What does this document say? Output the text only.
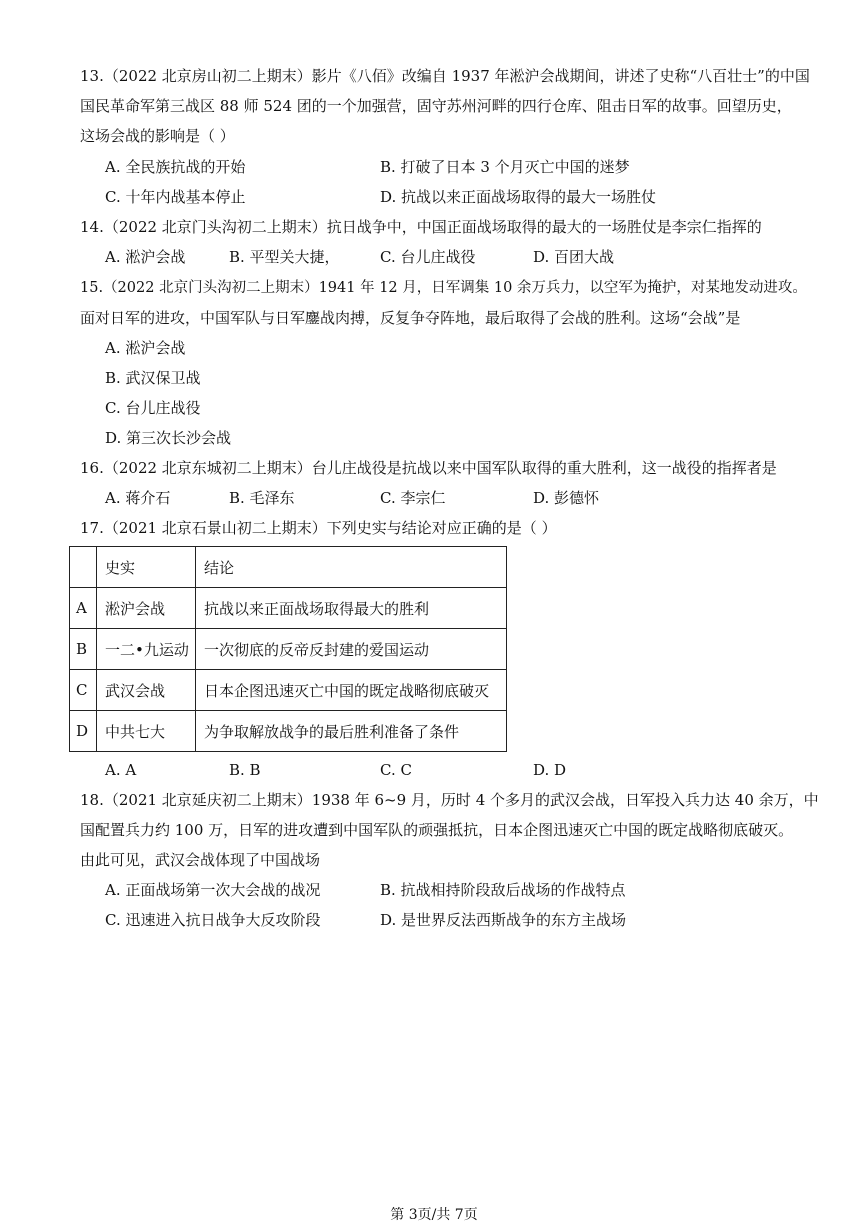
13.（2022 北京房山初二上期末）影片《八佰》改编自 1937 年淞沪会战期间，讲述了史称“八百壮士”的中国
国民革命军第三战区 88 师 524 团的一个加强营，固守苏州河畔的四行仓库、阻击日军的故事。回望历史，
这场会战的影响是（ ）
A. 全民族抗战的开始	B. 打破了日本 3 个月灭亡中国的迷梦
C. 十年内战基本停止	D. 抗战以来正面战场取得的最大一场胜仗
14.（2022 北京门头沟初二上期末）抗日战争中，中国正面战场取得的最大的一场胜仗是李宗仁指挥的
A. 淞沪会战	B. 平型关大捷，	C. 台儿庄战役	D. 百团大战
15.（2022 北京门头沟初二上期末）1941 年 12 月，日军调集 10 余万兵力，以空军为掩护，对某地发动进攻。
面对日军的进攻，中国军队与日军鏖战肉搏，反复争夺阵地，最后取得了会战的胜利。这场“会战”是
A. 淞沪会战
B. 武汉保卫战
C. 台儿庄战役
D. 第三次长沙会战
16.（2022 北京东城初二上期末）台儿庄战役是抗战以来中国军队取得的重大胜利，这一战役的指挥者是
A. 蒋介石	B. 毛泽东	C. 李宗仁	D. 彭德怀
17.（2021 北京石景山初二上期末）下列史实与结论对应正确的是（ ）
	史实	结论
A	淞沪会战	抗战以来正面战场取得最大的胜利
B	一二•九运动	一次彻底的反帝反封建的爱国运动
C	武汉会战	日本企图迅速灭亡中国的既定战略彻底破灭
D	中共七大	为争取解放战争的最后胜利准备了条件
A. A	B. B	C. C	D. D
18.（2021 北京延庆初二上期末）1938 年 6~9 月，历时 4 个多月的武汉会战，日军投入兵力达 40 余万，中
国配置兵力约 100 万，日军的进攻遭到中国军队的顽强抵抗，日本企图迅速灭亡中国的既定战略彻底破灭。
由此可见，武汉会战体现了中国战场
A. 正面战场第一次大会战的战况	B. 抗战相持阶段敌后战场的作战特点
C. 迅速进入抗日战争大反攻阶段	D. 是世界反法西斯战争的东方主战场
第 3页/共 7页
